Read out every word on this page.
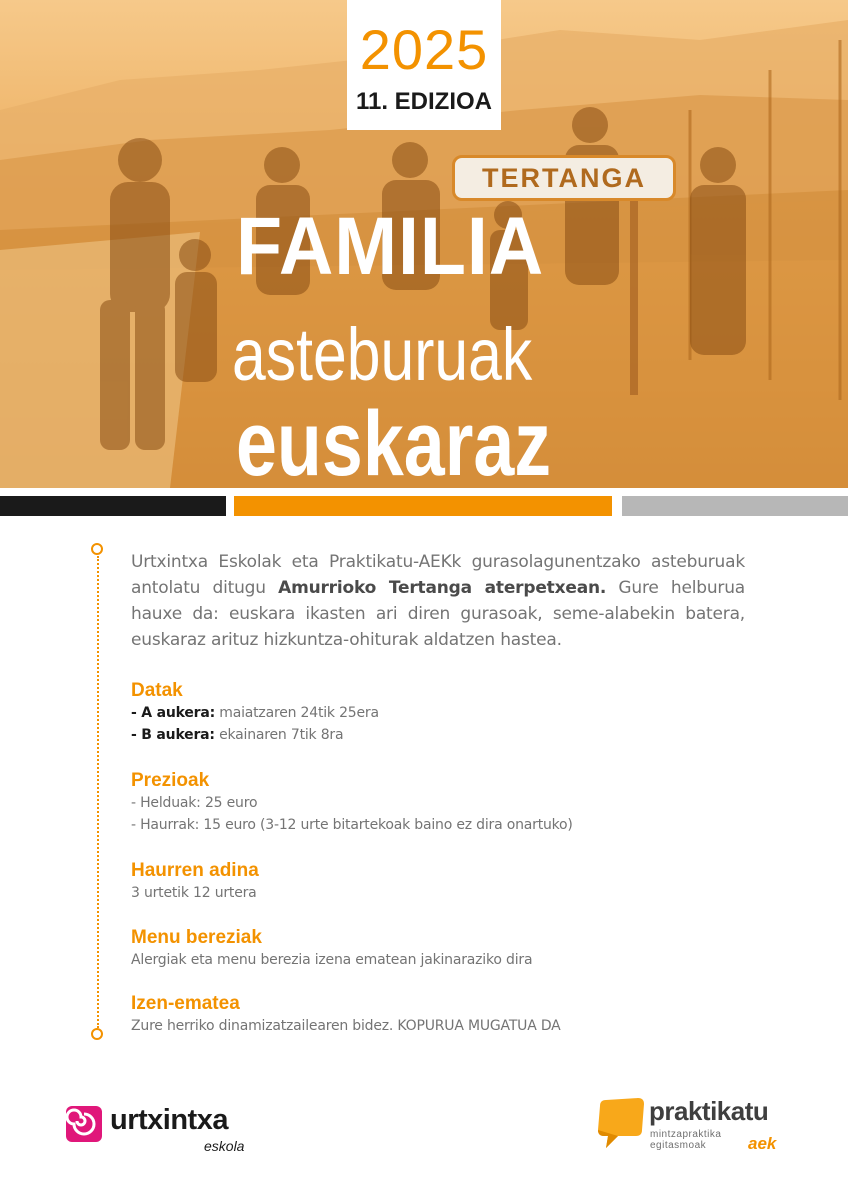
TERTANGA
2025
11. EDIZIOA
FAMILIA
asteburuak
euskaraz

Urtxintxa Eskolak eta Praktikatu-AEKk gurasolagunentzako asteburuak antolatu ditugu Amurrioko Tertanga aterpetxean. Gure helburua hauxe da: euskara ikasten ari diren gurasoak, seme-alabekin batera, euskaraz arituz hizkuntza-ohiturak aldatzen hastea.

Datak
- A aukera: maiatzaren 24tik 25era
- B aukera: ekainaren 7tik 8ra
Prezioak
- Helduak: 25 euro
- Haurrak: 15 euro (3-12 urte bitartekoak baino ez dira onartuko)
Haurren adina
3 urtetik 12 urtera
Menu bereziak
Alergiak eta menu berezia izena ematean jakinaraziko dira
Izen-ematea
Zure herriko dinamizatzailearen bidez. KOPURUA MUGATUA DA
urtxintxa
eskola
praktikatu
mintzapraktika
egitasmoak aek
